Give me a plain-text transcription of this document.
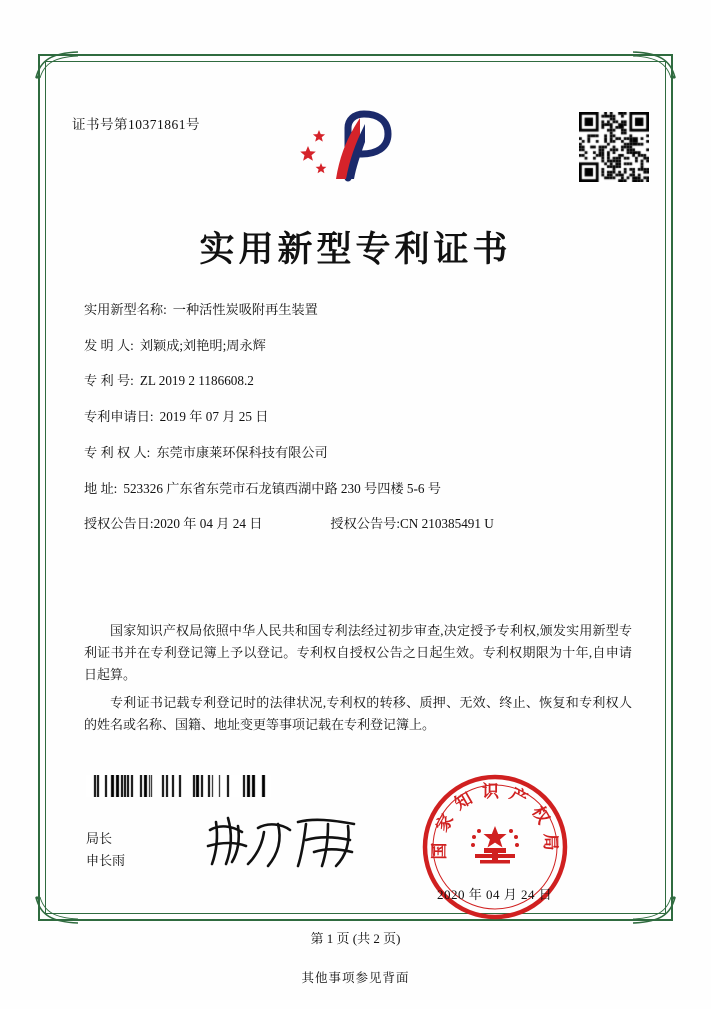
证书号第10371861号
实用新型专利证书
实用新型名称: 一种活性炭吸附再生装置
发 明 人: 刘颖成;刘艳明;周永辉
专 利 号: ZL 2019 2 1186608.2
专利申请日: 2019 年 07 月 25 日
专 利 权 人: 东莞市康莱环保科技有限公司
地 址: 523326 广东省东莞市石龙镇西湖中路 230 号四楼 5-6 号
授权公告日: 2020 年 04 月 24 日	授权公告号: CN 210385491 U

国家知识产权局依照中华人民共和国专利法经过初步审查,决定授予专利权,颁发实用新型专利证书并在专利登记簿上予以登记。专利权自授权公告之日起生效。专利权期限为十年,自申请日起算。

专利证书记载专利登记时的法律状况,专利权的转移、质押、无效、终止、恢复和专利权人的姓名或名称、国籍、地址变更等事项记载在专利登记簿上。

局长
申长雨
国家知识产权局
2020 年 04 月 24 日
第 1 页 (共 2 页)
其他事项参见背面
